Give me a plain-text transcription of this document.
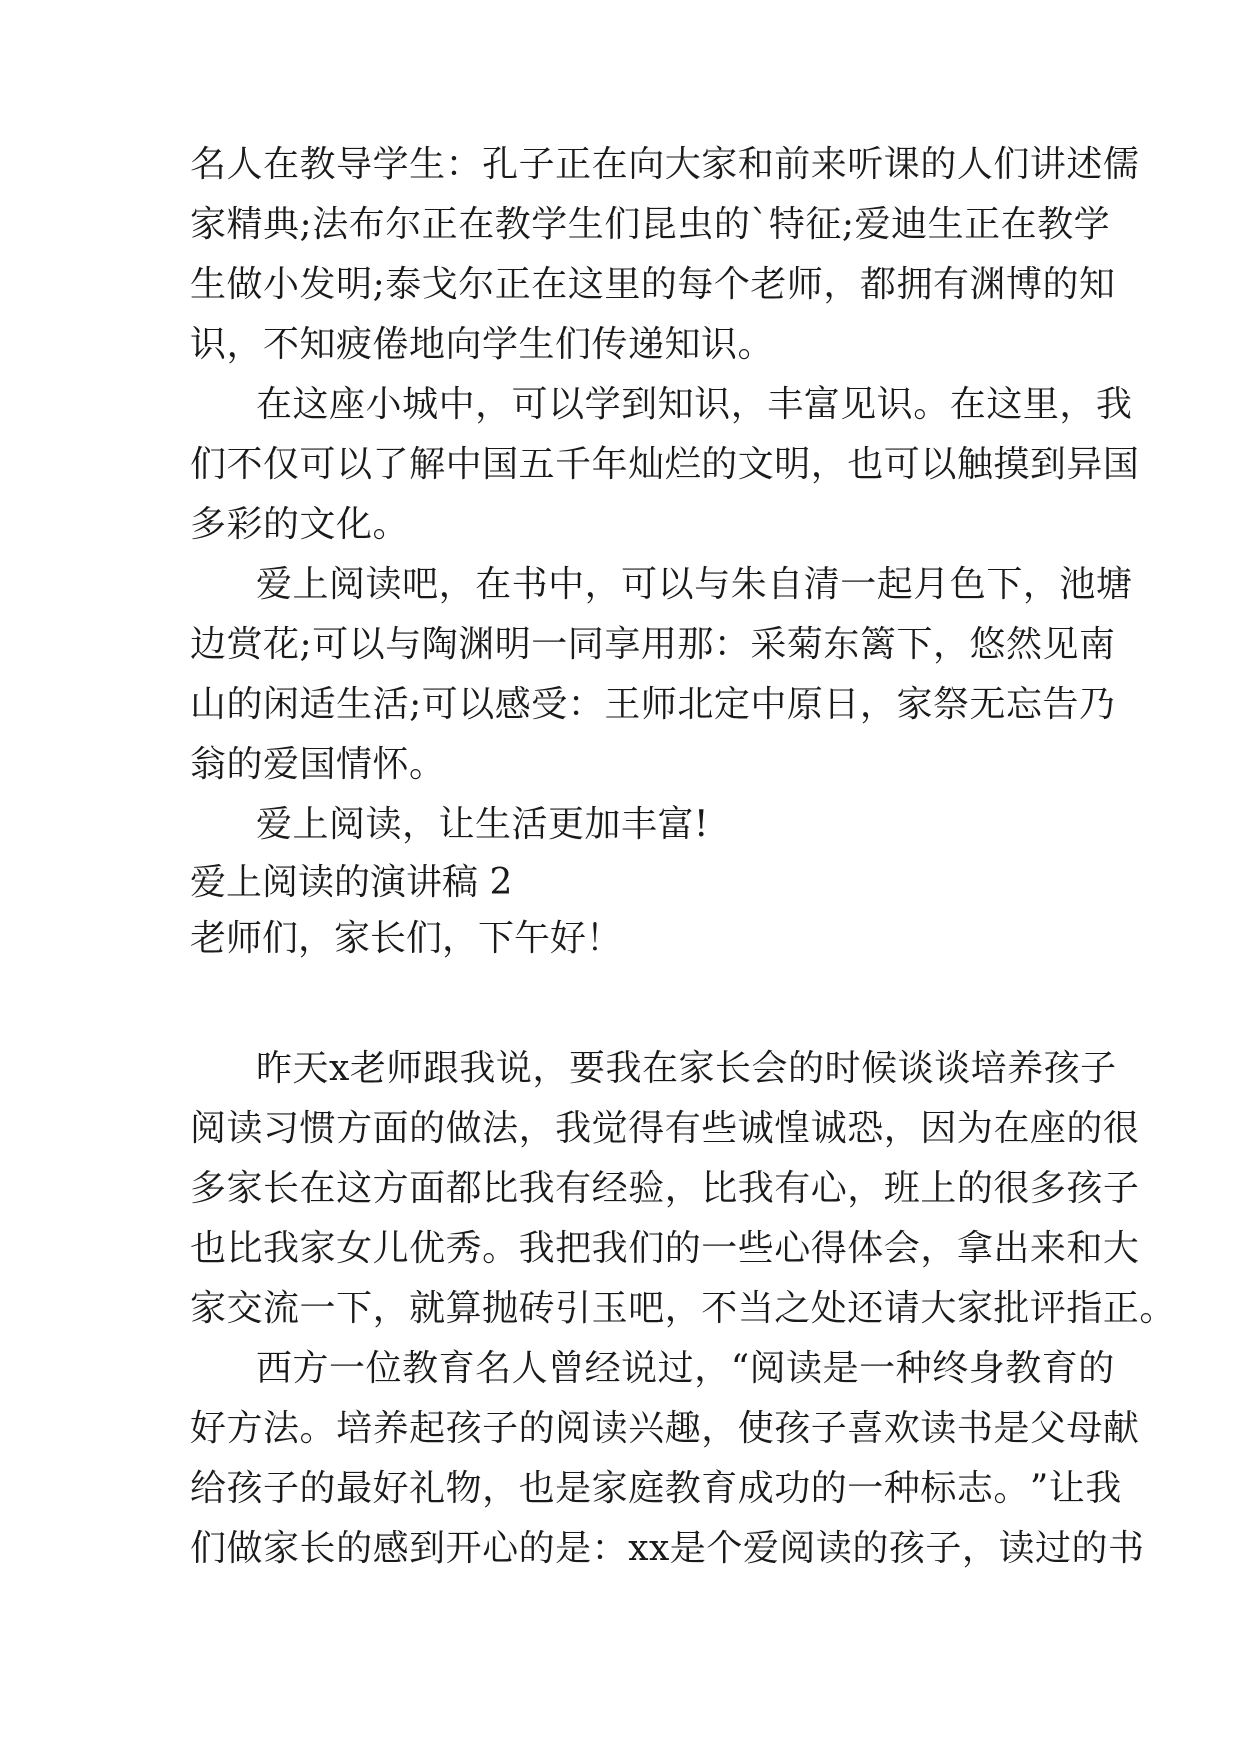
名 人 在 教 导 学 生 ： 孔 子 正 在 向 大 家 和 前 来 听 课 的 人 们 讲 述 儒
家 精 典 ; 法 布 尔 正 在 教 学 生 们 昆 虫 的 ` 特 征 ; 爱 迪 生 正 在 教 学
生 做 小 发 明 ; 泰 戈 尔 正 在 这 里 的 每 个 老 师 ， 都 拥 有 渊 博 的 知
识，不知疲倦地向学生们传递知识。
在 这 座 小 城 中 ， 可 以 学 到 知 识 ， 丰 富 见 识 。 在 这 里 ， 我
们 不 仅 可 以 了 解 中 国 五 千 年 灿 烂 的 文 明 ， 也 可 以 触 摸 到 异 国
多彩的文化。
爱 上 阅 读 吧 ， 在 书 中 ， 可 以 与 朱 自 清 一 起 月 色 下 ， 池 塘
边 赏 花 ; 可 以 与 陶 渊 明 一 同 享 用 那 ： 采 菊 东 篱 下 ， 悠 然 见 南
山 的 闲 适 生 活 ; 可 以 感 受 ： 王 师 北 定 中 原 日 ， 家 祭 无 忘 告 乃
翁的爱国情怀。
爱上阅读，让生活更加丰富!
爱上阅读的演讲稿 2
老师们，家长们，下午好！
昨 天 x 老 师 跟 我 说 ， 要 我 在 家 长 会 的 时 候 谈 谈 培 养 孩 子
阅 读 习 惯 方 面 的 做 法 ， 我 觉 得 有 些 诚 惶 诚 恐 ， 因 为 在 座 的 很
多 家 长 在 这 方 面 都 比 我 有 经 验 ， 比 我 有 心 ， 班 上 的 很 多 孩 子
也 比 我 家 女 儿 优 秀 。 我 把 我 们 的 一 些 心 得 体 会 ， 拿 出 来 和 大
家 交 流 一 下 ， 就 算 抛 砖 引 玉 吧 ， 不 当 之 处 还 请 大 家 批 评 指 正 。
西 方 一 位 教 育 名 人 曾 经 说 过 ， “ 阅 读 是 一 种 终 身 教 育 的
好 方 法 。 培 养 起 孩 子 的 阅 读 兴 趣 ， 使 孩 子 喜 欢 读 书 是 父 母 献
给 孩 子 的 最 好 礼 物 ， 也 是 家 庭 教 育 成 功 的 一 种 标 志 。 ” 让 我
们 做 家 长 的 感 到 开 心 的 是 ： xx 是 个 爱 阅 读 的 孩 子 ， 读 过 的 书
